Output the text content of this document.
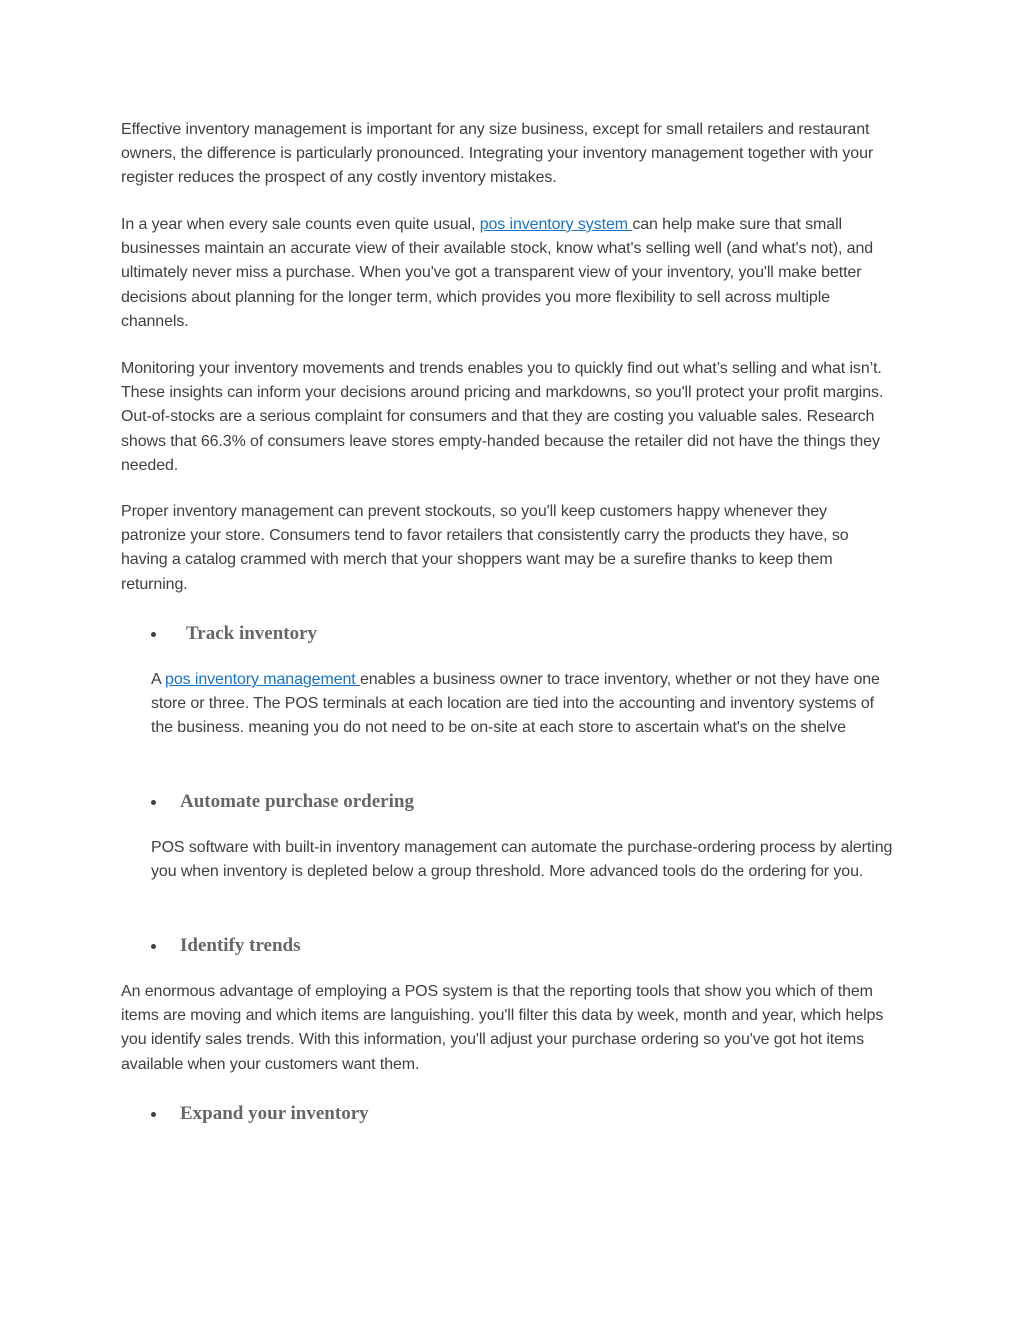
Effective inventory management is important for any size business, except for small retailers and restaurant owners, the difference is particularly pronounced. Integrating your inventory management together with your register reduces the prospect of any costly inventory mistakes.

In a year when every sale counts even quite usual, pos inventory system can help make sure that small businesses maintain an accurate view of their available stock, know what's selling well (and what's not), and ultimately never miss a purchase. When you've got a transparent view of your inventory, you'll make better decisions about planning for the longer term, which provides you more flexibility to sell across multiple channels.

Monitoring your inventory movements and trends enables you to quickly find out what’s selling and what isn’t. These insights can inform your decisions around pricing and markdowns, so you'll protect your profit margins. Out-of-stocks are a serious complaint for consumers and that they are costing you valuable sales. Research shows that 66.3% of consumers leave stores empty-handed because the retailer did not have the things they needed.

Proper inventory management can prevent stockouts, so you'll keep customers happy whenever they patronize your store. Consumers tend to favor retailers that consistently carry the products they have, so having a catalog crammed with merch that your shoppers want may be a surefire thanks to keep them returning.

Track inventory

A pos inventory management enables a business owner to trace inventory, whether or not they have one store or three. The POS terminals at each location are tied into the accounting and inventory systems of the business. meaning you do not need to be on-site at each store to ascertain what's on the shelve

Automate purchase ordering

POS software with built-in inventory management can automate the purchase-ordering process by alerting you when inventory is depleted below a group threshold. More advanced tools do the ordering for you.

Identify trends

An enormous advantage of employing a POS system is that the reporting tools that show you which of them items are moving and which items are languishing. you'll filter this data by week, month and year, which helps you identify sales trends. With this information, you'll adjust your purchase ordering so you've got hot items available when your customers want them.

Expand your inventory
